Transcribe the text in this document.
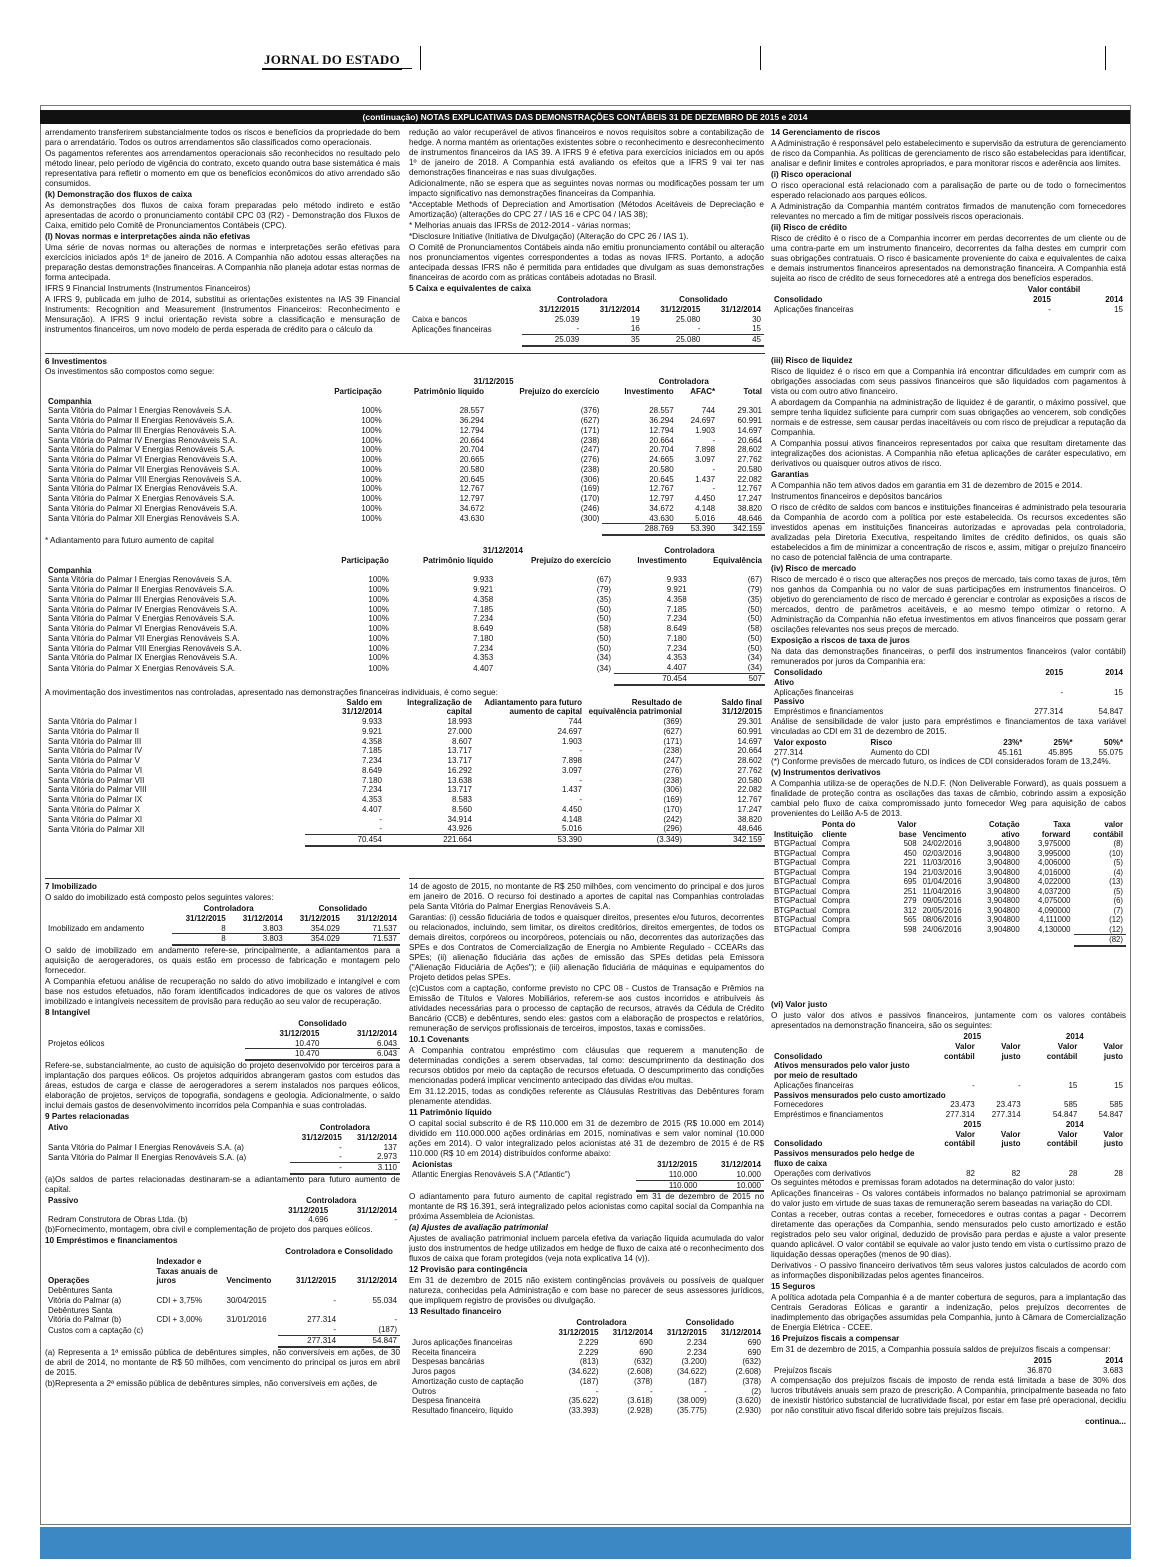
JORNAL DO ESTADO
(continuação) NOTAS EXPLICATIVAS DAS DEMONSTRAÇÕES CONTÁBEIS 31 DE DEZEMBRO DE 2015 e 2014

arrendamento transferirem substancialmente todos os riscos e benefícios da propriedade do bem para o arrendatário. Todos os outros arrendamentos são classificados como operacionais.

Os pagamentos referentes aos arrendamentos operacionais são reconhecidos no resultado pelo método linear, pelo período de vigência do contrato, exceto quando outra base sistemática é mais representativa para refletir o momento em que os benefícios econômicos do ativo arrendado são consumidos.

(k) Demonstração dos fluxos de caixa

As demonstrações dos fluxos de caixa foram preparadas pelo método indireto e estão apresentadas de acordo o pronunciamento contábil CPC 03 (R2) - Demonstração dos Fluxos de Caixa, emitido pelo Comitê de Pronunciamentos Contábeis (CPC).

(l) Novas normas e interpretações ainda não efetivas

Uma série de novas normas ou alterações de normas e interpretações serão efetivas para exercícios iniciados após 1º de janeiro de 2016. A Companhia não adotou essas alterações na preparação destas demonstrações financeiras. A Companhia não planeja adotar estas normas de forma antecipada.

IFRS 9 Financial Instruments (Instrumentos Financeiros)

A IFRS 9, publicada em julho de 2014, substitui as orientações existentes na IAS 39 Financial Instruments: Recognition and Measurement (Instrumentos Financeiros: Reconhecimento e Mensuração). A IFRS 9 inclui orientação revista sobre a classificação e mensuração de instrumentos financeiros, um novo modelo de perda esperada de crédito para o cálculo da

redução ao valor recuperável de ativos financeiros e novos requisitos sobre a contabilização de hedge. A norma mantém as orientações existentes sobre o reconhecimento e desreconhecimento de instrumentos financeiros da IAS 39. A IFRS 9 é efetiva para exercícios iniciados em ou após 1º de janeiro de 2018. A Companhia está avaliando os efeitos que a IFRS 9 vai ter nas demonstrações financeiras e nas suas divulgações.

Adicionalmente, não se espera que as seguintes novas normas ou modificações possam ter um impacto significativo nas demonstrações financeiras da Companhia.

*Acceptable Methods of Depreciation and Amortisation (Métodos Aceitáveis de Depreciação e Amortização) (alterações do CPC 27 / IAS 16 e CPC 04 / IAS 38);

* Melhorias anuais das IFRSs de 2012-2014 - várias normas;

*Disclosure Initiative (Initiativa de Divulgação) (Alteração do CPC 26 / IAS 1).

O Comitê de Pronunciamentos Contábeis ainda não emitiu pronunciamento contábil ou alteração nos pronunciamentos vigentes correspondentes a todas as novas IFRS. Portanto, a adoção antecipada dessas IFRS não é permitida para entidades que divulgam as suas demonstrações financeiras de acordo com as práticas contábeis adotadas no Brasil.

5 Caixa e equivalentes de caixa

	Controladora		Consolidado	
	31/12/2015	31/12/2014	31/12/2015	31/12/2014
Caixa e bancos	25.039	19	25.080	30
Aplicações financeiras	-	16	-	15
	25.039	35	25.080	45

14 Gerenciamento de riscos

A Administração é responsável pelo estabelecimento e supervisão da estrutura de gerenciamento de risco da Companhia. As políticas de gerenciamento de risco são estabelecidas para identificar, analisar e definir limites e controles apropriados, e para monitorar riscos e aderência aos limites.

(i) Risco operacional

O risco operacional está relacionado com a paralisação de parte ou de todo o fornecimentos esperado relacionado aos parques eólicos.

A Administração da Companhia mantém contratos firmados de manutenção com fornecedores relevantes no mercado a fim de mitigar possíveis riscos operacionais.

(ii) Risco de crédito

Risco de crédito é o risco de a Companhia incorrer em perdas decorrentes de um cliente ou de uma contra-parte em um instrumento financeiro, decorrentes da falha destes em cumprir com suas obrigações contratuais. O risco é basicamente proveniente do caixa e equivalentes de caixa e demais instrumentos financeiros apresentados na demonstração financeira. A Companhia está sujeita ao risco de crédito de seus fornecedores até a entrega dos benefícios esperados.

	Valor contábil	
Consolidado	2015	2014
Aplicações financeiras	-	15

6 Investimentos

Os investimentos são compostos como segue:

		31/12/2015		Controladora		
	Participação	Patrimônio líquido	Prejuízo do exercício	Investimento	AFAC*	Total
Companhia						
Santa Vitória do Palmar I Energias Renováveis S.A.	100%	28.557	(376)	28.557	744	29.301
Santa Vitória do Palmar II Energias Renováveis S.A.	100%	36.294	(627)	36.294	24.697	60.991
Santa Vitória do Palmar III Energias Renováveis S.A.	100%	12.794	(171)	12.794	1.903	14.697
Santa Vitória do Palmar IV Energias Renováveis S.A.	100%	20.664	(238)	20.664	-	20.664
Santa Vitória do Palmar V Energias Renováveis S.A.	100%	20.704	(247)	20.704	7.898	28.602
Santa Vitória do Palmar VI Energias Renováveis S.A.	100%	20.665	(276)	24.665	3.097	27.762
Santa Vitória do Palmar VII Energias Renováveis S.A.	100%	20.580	(238)	20.580	-	20.580
Santa Vitória do Palmar VIII Energias Renováveis S.A.	100%	20.645	(306)	20.645	1.437	22.082
Santa Vitória do Palmar IX Energias Renováveis S.A.	100%	12.767	(169)	12.767	-	12.767
Santa Vitória do Palmar X Energias Renováveis S.A.	100%	12.797	(170)	12.797	4.450	17.247
Santa Vitória do Palmar XI Energias Renováveis S.A.	100%	34.672	(246)	34.672	4.148	38.820
Santa Vitória do Palmar XII Energias Renováveis S.A.	100%	43.630	(300)	43.630	5.016	48.646
				288.769	53.390	342.159

* Adiantamento para futuro aumento de capital

		31/12/2014		Controladora	
	Participação	Patrimônio líquido	Prejuízo do exercício	Investimento	Equivalência
Companhia					
Santa Vitória do Palmar I Energias Renováveis S.A.	100%	9.933	(67)	9.933	(67)
Santa Vitória do Palmar II Energias Renováveis S.A.	100%	9.921	(79)	9.921	(79)
Santa Vitória do Palmar III Energias Renováveis S.A.	100%	4.358	(35)	4.358	(35)
Santa Vitória do Palmar IV Energias Renováveis S.A.	100%	7.185	(50)	7.185	(50)
Santa Vitória do Palmar V Energias Renováveis S.A.	100%	7.234	(50)	7.234	(50)
Santa Vitória do Palmar VI Energias Renováveis S.A.	100%	8.649	(58)	8.649	(58)
Santa Vitória do Palmar VII Energias Renováveis S.A.	100%	7.180	(50)	7.180	(50)
Santa Vitória do Palmar VIII Energias Renováveis S.A.	100%	7.234	(50)	7.234	(50)
Santa Vitória do Palmar IX Energias Renováveis S.A.	100%	4.353	(34)	4.353	(34)
Santa Vitória do Palmar X Energias Renováveis S.A.	100%	4.407	(34)	4.407	(34)
				70.454	507

A movimentação dos investimentos nas controladas, apresentado nas demonstrações financeiras individuais, é como segue:

	Saldo em 31/12/2014	Integralização de capital	Adiantamento para futuro aumento de capital	Resultado de equivalência patrimonial	Saldo final 31/12/2015
Santa Vitória do Palmar I	9.933	18.993	744	(369)	29.301
Santa Vitória do Palmar II	9.921	27.000	24.697	(627)	60.991
Santa Vitória do Palmar III	4.358	8.607	1.903	(171)	14.697
Santa Vitória do Palmar IV	7.185	13.717	-	(238)	20.664
Santa Vitória do Palmar V	7.234	13.717	7.898	(247)	28.602
Santa Vitória do Palmar VI	8.649	16.292	3.097	(276)	27.762
Santa Vitória do Palmar VII	7.180	13.638	-	(238)	20.580
Santa Vitória do Palmar VIII	7.234	13.717	1.437	(306)	22.082
Santa Vitória do Palmar IX	4.353	8.583	-	(169)	12.767
Santa Vitória do Palmar X	4.407	8.560	4.450	(170)	17.247
Santa Vitória do Palmar XI	-	34.914	4.148	(242)	38.820
Santa Vitória do Palmar XII	-	43.926	5.016	(296)	48.646
	70.454	221.664	53.390	(3.349)	342.159

(iii) Risco de liquidez

Risco de liquidez é o risco em que a Companhia irá encontrar dificuldades em cumprir com as obrigações associadas com seus passivos financeiros que são liquidados com pagamentos à vista ou com outro ativo financeiro.

A abordagem da Companhia na administração de liquidez é de garantir, o máximo possível, que sempre tenha liquidez suficiente para cumprir com suas obrigações ao vencerem, sob condições normais e de estresse, sem causar perdas inaceitáveis ou com risco de prejudicar a reputação da Companhia.

A Companhia possui ativos financeiros representados por caixa que resultam diretamente das integralizações dos acionistas. A Companhia não efetua aplicações de caráter especulativo, em derivativos ou quaisquer outros ativos de risco.

Garantias

A Companhia não tem ativos dados em garantia em 31 de dezembro de 2015 e 2014.

Instrumentos financeiros e depósitos bancários

O risco de crédito de saldos com bancos e instituições financeiras é administrado pela tesouraria da Companhia de acordo com a política por este estabelecida. Os recursos excedentes são investidos apenas em instituições financeiras autorizadas e aprovadas pela controladoria, avalizadas pela Diretoria Executiva, respeitando limites de crédito definidos, os quais são estabelecidos a fim de minimizar a concentração de riscos e, assim, mitigar o prejuízo financeiro no caso de potencial falência de uma contraparte.

(iv) Risco de mercado

Risco de mercado é o risco que alterações nos preços de mercado, tais como taxas de juros, têm nos ganhos da Companhia ou no valor de suas participações em instrumentos financeiros. O objetivo do gerenciamento de risco de mercado é gerenciar e controlar as exposições a riscos de mercados, dentro de parâmetros aceitáveis, e ao mesmo tempo otimizar o retorno. A Administração da Companhia não efetua investimentos em ativos financeiros que possam gerar oscilações relevantes nos seus preços de mercado.

Exposição a riscos de taxa de juros

Na data das demonstrações financeiras, o perfil dos instrumentos financeiros (valor contábil) remunerados por juros da Companhia era:

Consolidado	2015	2014
Ativo		
Aplicações financeiras	-	15
Passivo		
Empréstimos e financiamentos	277.314	54.847

Análise de sensibilidade de valor justo para empréstimos e financiamentos de taxa variável vinculadas ao CDI em 31 de dezembro de 2015.

Valor exposto	Risco	23%*	25%*	50%*
277.314	Aumento do CDI	45.161	45.895	55.075

(*) Conforme previsões de mercado futuro, os índices de CDI considerados foram de 13,24%.

(v) Instrumentos derivativos

A Companhia utiliza-se de operações de N.D.F. (Non Deliverable Forward), as quais possuem a finalidade de proteção contra as oscilações das taxas de câmbio, cobrindo assim a exposição cambial pelo fluxo de caixa compromissado junto fornecedor Weg para aquisição de cabos provenientes do Leilão A-5 de 2013.

Instituição	Ponta do cliente	Valor base	Vencimento	Cotação ativo	Taxa forward	valor contábil
BTGPactual	Compra	508	24/02/2016	3,904800	3,975000	(8)
BTGPactual	Compra	450	02/03/2016	3,904800	3,995000	(10)
BTGPactual	Compra	221	11/03/2016	3,904800	4,006000	(5)
BTGPactual	Compra	194	21/03/2016	3,904800	4,016000	(4)
BTGPactual	Compra	695	01/04/2016	3,904800	4,022000	(13)
BTGPactual	Compra	251	11/04/2016	3,904800	4,037200	(5)
BTGPactual	Compra	279	09/05/2016	3,904800	4,075000	(6)
BTGPactual	Compra	312	20/05/2016	3,904800	4,090000	(7)
BTGPactual	Compra	565	08/06/2016	3,904800	4,111000	(12)
BTGPactual	Compra	598	24/06/2016	3,904800	4,130000	(12)
						(82)

7 Imobilizado

O saldo do imobilizado está composto pelos seguintes valores:

	Controladora		Consolidado	
	31/12/2015	31/12/2014	31/12/2015	31/12/2014
Imobilizado em andamento	8	3.803	354.029	71.537
	8	3.803	354.029	71.537

O saldo de imobilizado em andamento refere-se, principalmente, a adiantamentos para a aquisição de aerogeradores, os quais estão em processo de fabricação e montagem pelo fornecedor.

A Companhia efetuou análise de recuperação no saldo do ativo imobilizado e intangível e com base nos estudos efetuados, não foram identificados indicadores de que os valores de ativos imobilizado e intangíveis necessitem de provisão para redução ao seu valor de recuperação.

8 Intangível

	Consolidado	
	31/12/2015	31/12/2014
Projetos eólicos	10.470	6.043
	10.470	6.043

Refere-se, substancialmente, ao custo de aquisição do projeto desenvolvido por terceiros para a implantação dos parques eólicos. Os projetos adquiridos abrangeram gastos com estudos das áreas, estudos de carga e classe de aerogeradores a serem instalados nos parques eólicos, elaboração de projetos, serviços de topografia, sondagens e geologia. Adicionalmente, o saldo inclui demais gastos de desenvolvimento incorridos pela Companhia e suas controladas.

9 Partes relacionadas

Ativo	Controladora	
	31/12/2015	31/12/2014
Santa Vitória do Palmar I Energias Renováveis S.A. (a)	-	137
Santa Vitória do Palmar II Energias Renováveis S.A. (a)	-	2.973
	-	3.110

(a)Os saldos de partes relacionadas destinaram-se a adiantamento para futuro aumento de capital.

Passivo	Controladora	
	31/12/2015	31/12/2014
Redram Construtora de Obras Ltda. (b)	4.696	-

(b)Fornecimento, montagem, obra civil e complementação de projeto dos parques eólicos.

10 Empréstimos e financiamentos

			Controladora e Consolidado	
Operações	Indexador e Taxas anuais de juros	Vencimento	31/12/2015	31/12/2014
Debêntures Santa				
Vitória do Palmar (a)	CDI + 3,75%	30/04/2015	-	55.034
Debêntures Santa				
Vitória do Palmar (b)	CDI + 3,00%	31/01/2016	277.314	-
Custos com a captação (c)			-	(187)
			277.314	54.847

(a) Representa a 1ª emissão pública de debêntures simples, não conversíveis em ações, de 30 de abril de 2014, no montante de R$ 50 milhões, com vencimento do principal os juros em abril de 2015.

(b)Representa a 2ª emissão pública de debêntures simples, não conversíveis em ações, de

14 de agosto de 2015, no montante de R$ 250 milhões, com vencimento do principal e dos juros em janeiro de 2016. O recurso foi destinado a aportes de capital nas Companhias controladas pela Santa Vitória do Palmar Energias Renováveis S.A.

Garantias: (i) cessão fiduciária de todos e quaisquer direitos, presentes e/ou futuros, decorrentes ou relacionados, incluindo, sem limitar, os direitos creditórios, direitos emergentes, de todos os demais direitos, corpóreos ou incorpóreos, potenciais ou não, decorrentes das autorizações das SPEs e dos Contratos de Comercialização de Energia no Ambiente Regulado - CCEARs das SPEs; (ii) alienação fiduciária das ações de emissão das SPEs detidas pela Emissora ("Alienação Fiduciária de Ações"); e (iii) alienação fiduciária de máquinas e equipamentos do Projeto detidos pelas SPEs.

(c)Custos com a captação, conforme previsto no CPC 08 - Custos de Transação e Prêmios na Emissão de Títulos e Valores Mobiliários, referem-se aos custos incorridos e atribuíveis às atividades necessárias para o processo de captação de recursos, através da Cédula de Crédito Bancário (CCB) e debêntures, sendo eles: gastos com a elaboração de prospectos e relatórios, remuneração de serviços profissionais de terceiros, impostos, taxas e comissões.

10.1 Covenants

A Companhia contratou empréstimo com cláusulas que requerem a manutenção de determinadas condições a serem observadas, tal como: descumprimento da destinação dos recursos obtidos por meio da captação de recursos efetuada. O descumprimento das condições mencionadas poderá implicar vencimento antecipado das dívidas e/ou multas.

Em 31.12.2015, todas as condições referente as Cláusulas Restritivas das Debêntures foram plenamente atendidas.

11 Patrimônio líquido

O capital social subscrito é de R$ 110.000 em 31 de dezembro de 2015 (R$ 10.000 em 2014) dividido em 110.000.000 ações ordinárias em 2015, nominativas e sem valor nominal (10.000 ações em 2014). O valor integralizado pelos acionistas até 31 de dezembro de 2015 é de R$ 110.000 (R$ 10 em 2014) distribuídos conforme abaixo:

Acionistas	31/12/2015	31/12/2014
Atlantic Energias Renováveis S.A ("Atlantic")	110.000	10.000
	110.000	10.000

O adiantamento para futuro aumento de capital registrado em 31 de dezembro de 2015 no montante de R$ 16.391, será integralizado pelos acionistas como capital social da Companhia na próxima Assembleia de Acionistas.

(a) Ajustes de avaliação patrimonial

Ajustes de avaliação patrimonial incluem parcela efetiva da variação líquida acumulada do valor justo dos instrumentos de hedge utilizados em hedge de fluxo de caixa até o reconhecimento dos fluxos de caixa que foram protegidos (veja nota explicativa 14 (v)).

12 Provisão para contingência

Em 31 de dezembro de 2015 não existem contingências prováveis ou possíveis de qualquer natureza, conhecidas pela Administração e com base no parecer de seus assessores jurídicos, que impliquem registro de provisões ou divulgação.

13 Resultado financeiro

	Controladora		Consolidado	
	31/12/2015	31/12/2014	31/12/2015	31/12/2014
Juros aplicações financeiras	2.229	690	2.234	690
Receita financeira	2.229	690	2.234	690
Despesas bancárias	(813)	(632)	(3.200)	(632)
Juros pagos	(34.622)	(2.608)	(34.622)	(2.608)
Amortização custo de captação	(187)	(378)	(187)	(378)
Outros	-	-	-	(2)
Despesa financeira	(35.622)	(3.618)	(38.009)	(3.620)
Resultado financeiro, líquido	(33.393)	(2.928)	(35.775)	(2.930)

(vi) Valor justo

O justo valor dos ativos e passivos financeiros, juntamente com os valores contábeis apresentados na demonstração financeira, são os seguintes:

	2015		2014	
Consolidado	Valor contábil	Valor justo	Valor contábil	Valor justo
Ativos mensurados pelo valor justo por meio de resultado				
Aplicações financeiras	-	-	15	15
Passivos mensurados pelo custo amortizado				
Fornecedores	23.473	23.473	585	585
Empréstimos e financiamentos	277.314	277.314	54.847	54.847
	2015		2014	
Consolidado	Valor contábil	Valor justo	Valor contábil	Valor justo
Passivos mensurados pelo hedge de fluxo de caixa				
Operações com derivativos	82	82	28	28

Os seguintes métodos e premissas foram adotados na determinação do valor justo:

Aplicações financeiras - Os valores contábeis informados no balanço patrimonial se aproximam do valor justo em virtude de suas taxas de remuneração serem baseadas na variação do CDI.

Contas a receber, outras contas a receber, fornecedores e outras contas a pagar - Decorrem diretamente das operações da Companhia, sendo mensurados pelo custo amortizado e estão registrados pelo seu valor original, deduzido de provisão para perdas e ajuste a valor presente quando aplicável. O valor contábil se equivale ao valor justo tendo em vista o curtíssimo prazo de liquidação dessas operações (menos de 90 dias).

Derivativos - O passivo financeiro derivativos têm seus valores justos calculados de acordo com as informações disponibilizadas pelos agentes financeiros.

15 Seguros

A política adotada pela Companhia é a de manter cobertura de seguros, para a implantação das Centrais Geradoras Eólicas e garantir a indenização, pelos prejuízos decorrentes de inadimplemento das obrigações assumidas pela Companhia, junto à Câmara de Comercialização de Energia Elétrica - CCEE.

16 Prejuízos fiscais a compensar

Em 31 de dezembro de 2015, a Companhia possuía saldos de prejuízos fiscais a compensar:

	2015	2014
Prejuízos fiscais	36.870	3.683

A compensação dos prejuízos fiscais de imposto de renda está limitada a base de 30% dos lucros tributáveis anuais sem prazo de prescrição. A Companhia, principalmente baseada no fato de inexistir histórico substancial de lucratividade fiscal, por estar em fase pré operacional, decidiu por não constituir ativo fiscal diferido sobre tais prejuízos fiscais.

continua...
